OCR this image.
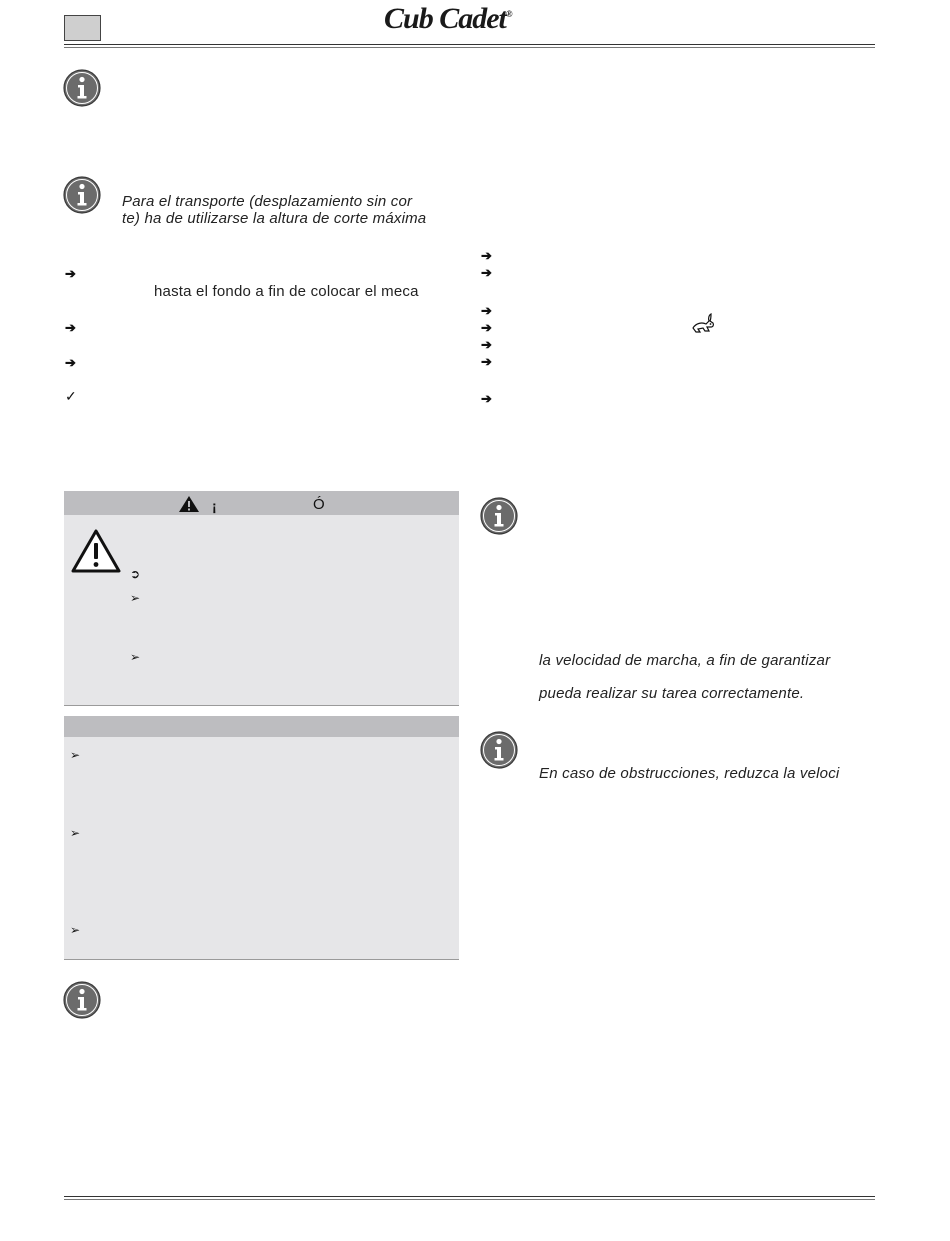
Cub Cadet®
Para el transporte (desplazamiento sin cor
te) ha de utilizarse la altura de corte máxima
➔
hasta el fondo a fin de colocar el meca
➔
➔
✓
➔
➔
➔
➔
➔
➔
➔
¡	Ó
➲
➢
➢
➢
➢
➢
la velocidad de marcha, a fin de garantizar
pueda realizar su tarea correctamente.
En caso de obstrucciones, reduzca la veloci
